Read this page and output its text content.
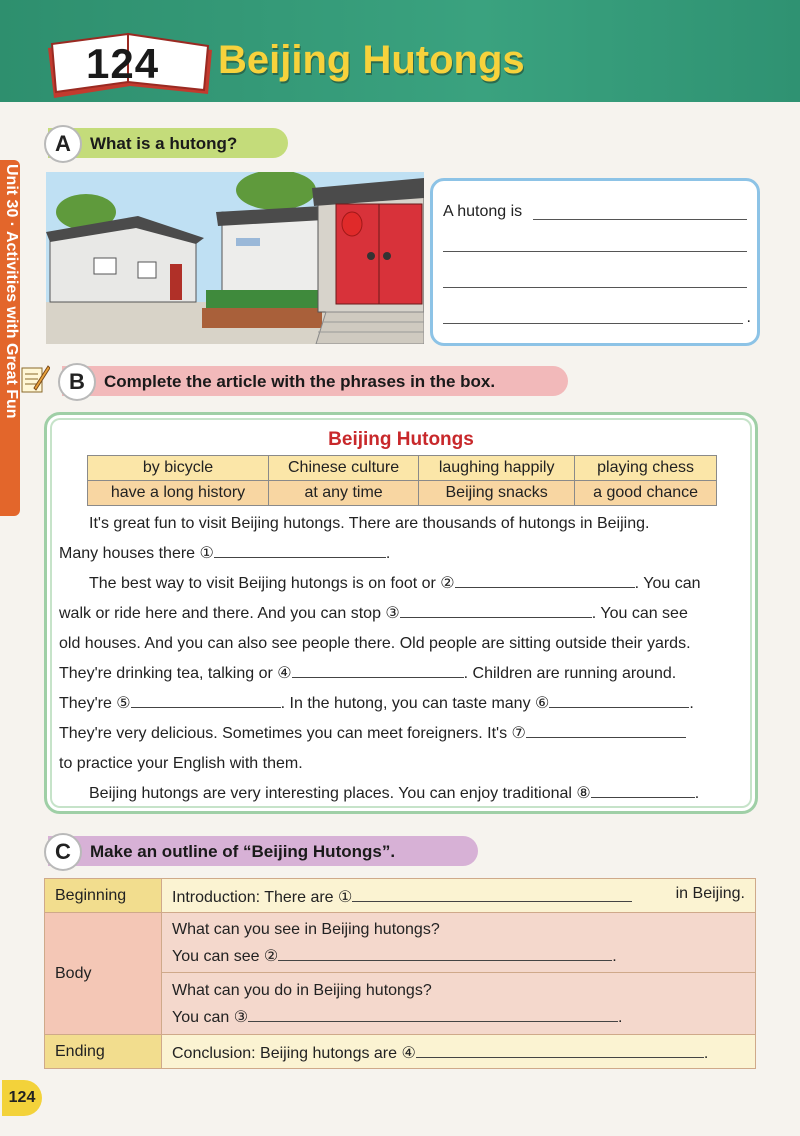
124 Beijing Hutongs
Unit 30 · Activities with Great Fun
A	What is a hutong?
A hutong is
.
B	Complete the article with the phrases in the box.
Beijing Hutongs
by bicycle	Chinese culture	laughing happily	playing chess
have a long history	at any time	Beijing snacks	a good chance
It's great fun to visit Beijing hutongs. There are thousands of hutongs in Beijing.
Many houses there ①	.
The best way to visit Beijing hutongs is on foot or ②	. You can
walk or ride here and there. And you can stop ③	. You can see
old houses. And you can also see people there. Old people are sitting outside their yards.
They're drinking tea, talking or ④	. Children are running around.
They're ⑤	. In the hutong, you can taste many ⑥	.
They're very delicious. Sometimes you can meet foreigners. It's ⑦
to practice your English with them.
Beijing hutongs are very interesting places. You can enjoy traditional ⑧	.
C	Make an outline of “Beijing Hutongs”.
Beginning	Introduction: There are ① in Beijing.

Body	What can you see in Beijing hutongs?
You can see ② .

	What can you do in Beijing hutongs?
You can ③ .

Ending	Conclusion: Beijing hutongs are ④ .
124
